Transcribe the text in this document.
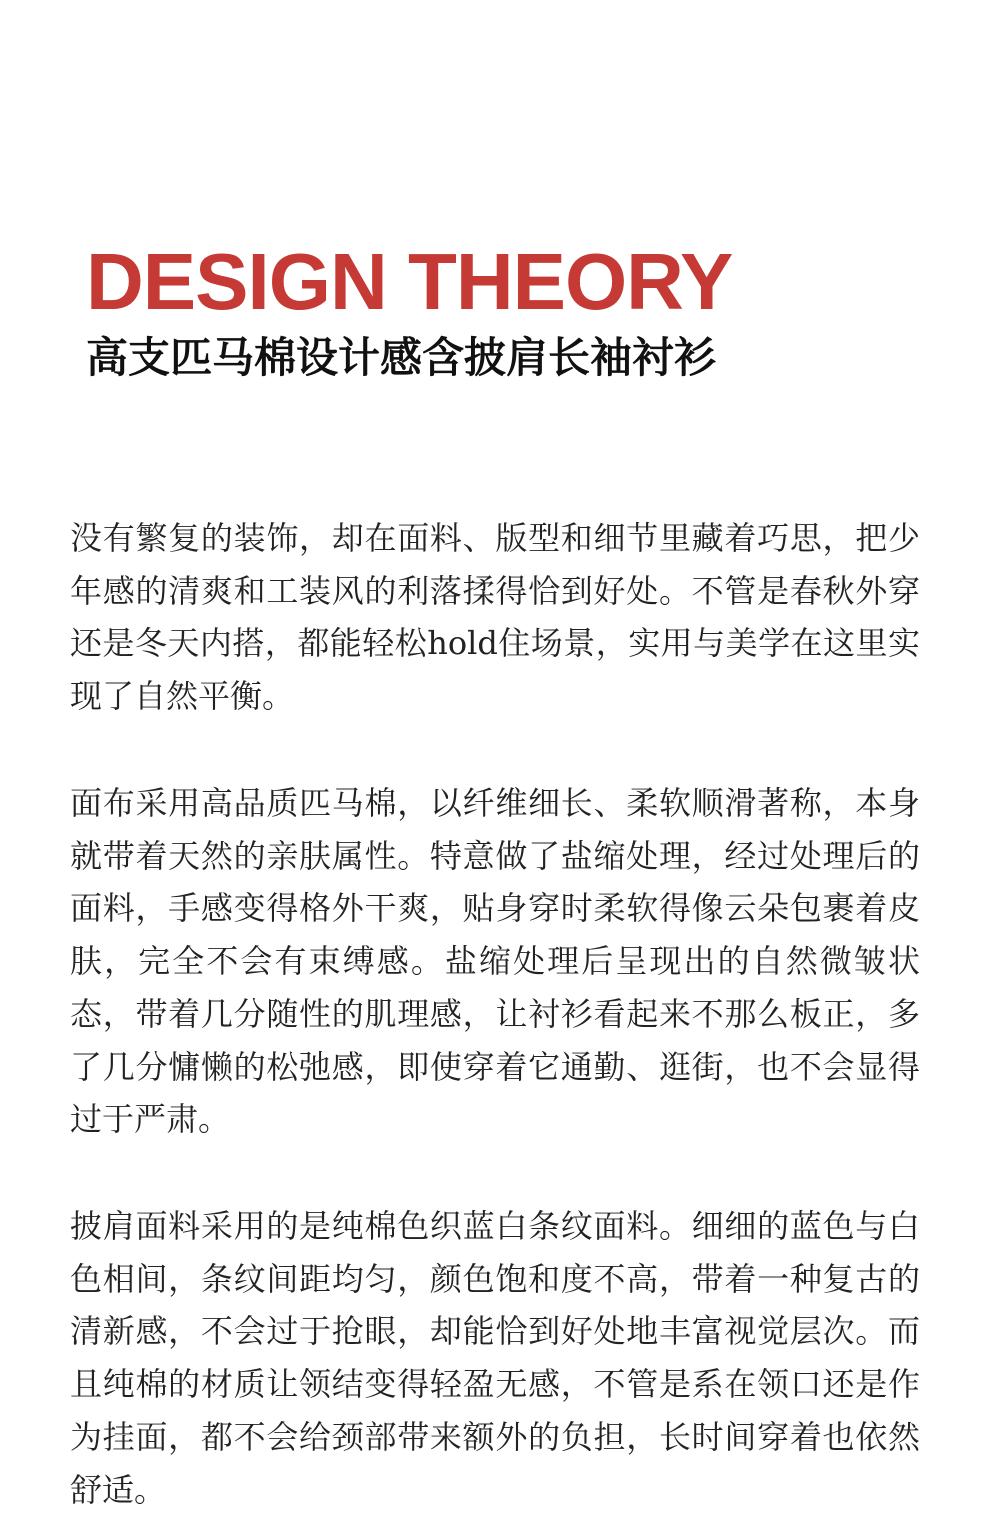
DESIGN THEORY
高支匹马棉设计感含披肩长袖衬衫

没有繁复的装饰，却在面料、版型和细节里藏着巧思，把少年感的清爽和工装风的利落揉得恰到好处。不管是春秋外穿还是冬天内搭，都能轻松hold住场景，实用与美学在这里实现了自然平衡。

面布采用高品质匹马棉，以纤维细长、柔软顺滑著称，本身就带着天然的亲肤属性。特意做了盐缩处理，经过处理后的面料，手感变得格外干爽，贴身穿时柔软得像云朵包裹着皮肤，完全不会有束缚感。盐缩处理后呈现出的自然微皱状态，带着几分随性的肌理感，让衬衫看起来不那么板正，多了几分慵懒的松弛感，即使穿着它通勤、逛街，也不会显得过于严肃。

披肩面料采用的是纯棉色织蓝白条纹面料。细细的蓝色与白色相间，条纹间距均匀，颜色饱和度不高，带着一种复古的清新感，不会过于抢眼，却能恰到好处地丰富视觉层次。而且纯棉的材质让领结变得轻盈无感，不管是系在领口还是作为挂面，都不会给颈部带来额外的负担，长时间穿着也依然舒适。
